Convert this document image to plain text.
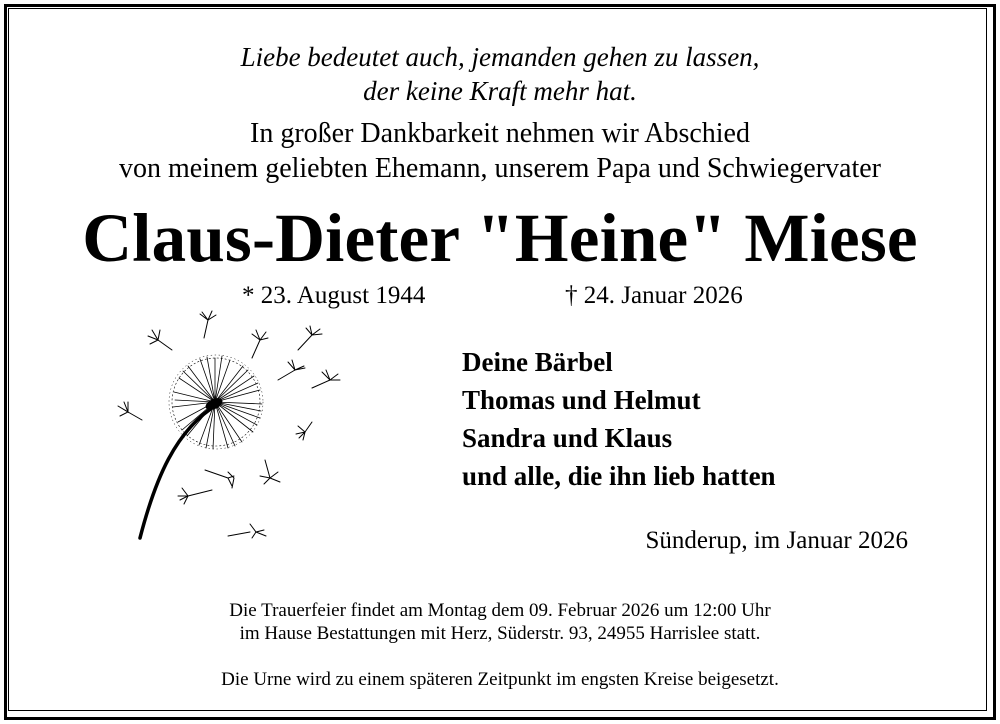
Liebe bedeutet auch, jemanden gehen zu lassen,
der keine Kraft mehr hat.
In großer Dankbarkeit nehmen wir Abschied
von meinem geliebten Ehemann, unserem Papa und Schwiegervater
Claus-Dieter "Heine" Miese
* 23. August 1944	† 24. Januar 2026
Deine Bärbel
Thomas und Helmut
Sandra und Klaus
und alle, die ihn lieb hatten
Sünderup, im Januar 2026
Die Trauerfeier findet am Montag dem 09. Februar 2026 um 12:00 Uhr
im Hause Bestattungen mit Herz, Süderstr. 93, 24955 Harrislee statt.
Die Urne wird zu einem späteren Zeitpunkt im engsten Kreise beigesetzt.
